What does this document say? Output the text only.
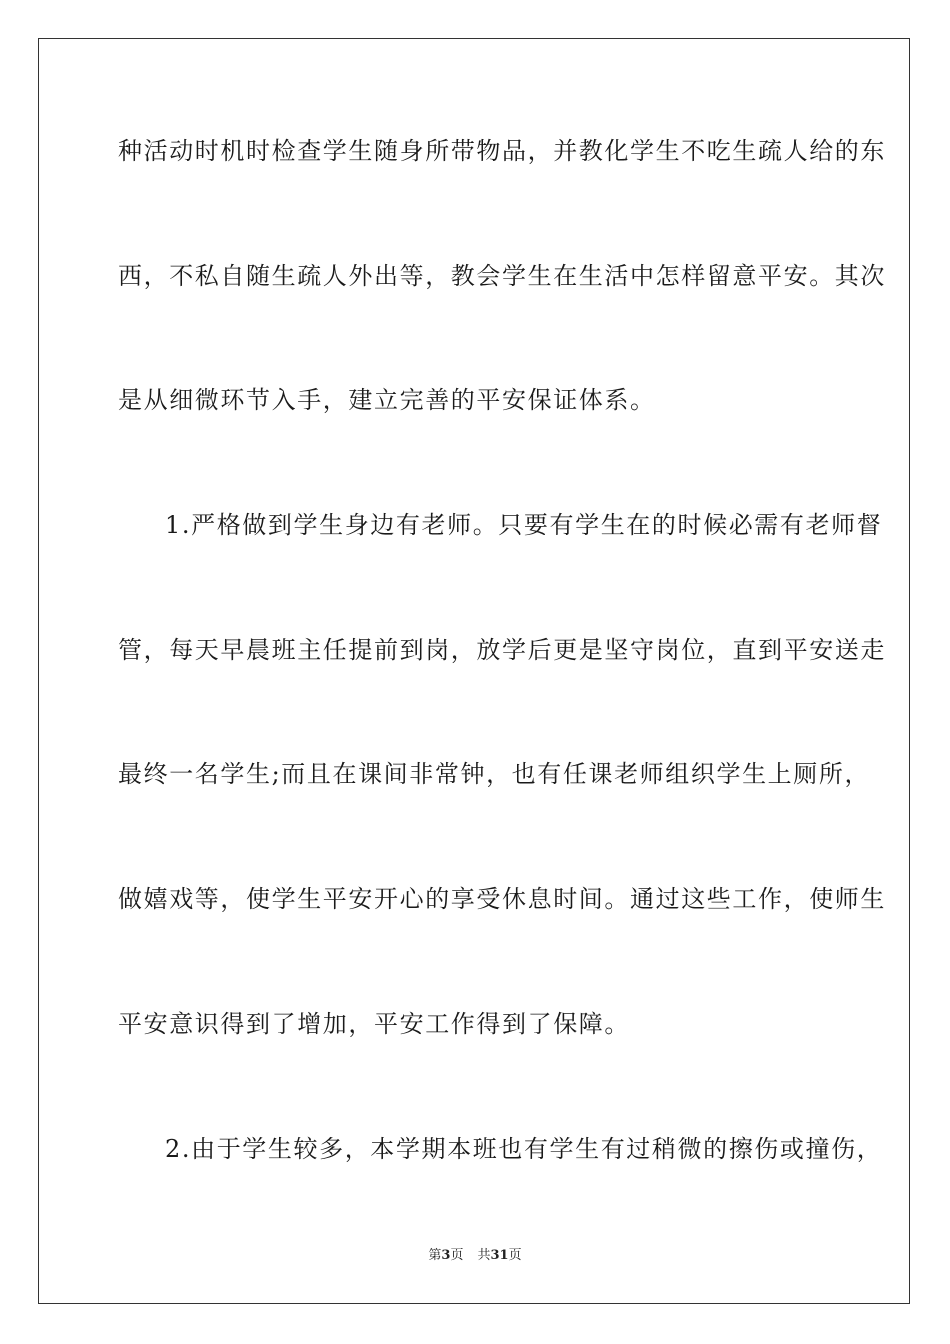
种活动时机时检查学生随身所带物品，并教化学生不吃生疏人给的东
西，不私自随生疏人外出等，教会学生在生活中怎样留意平安。其次
是从细微环节入手，建立完善的平安保证体系。
1.严格做到学生身边有老师。只要有学生在的时候必需有老师督
管，每天早晨班主任提前到岗，放学后更是坚守岗位，直到平安送走
最终一名学生;而且在课间非常钟，也有任课老师组织学生上厕所，
做嬉戏等，使学生平安开心的享受休息时间。通过这些工作，使师生
平安意识得到了增加，平安工作得到了保障。
2.由于学生较多，本学期本班也有学生有过稍微的擦伤或撞伤，
第3页 共31页
